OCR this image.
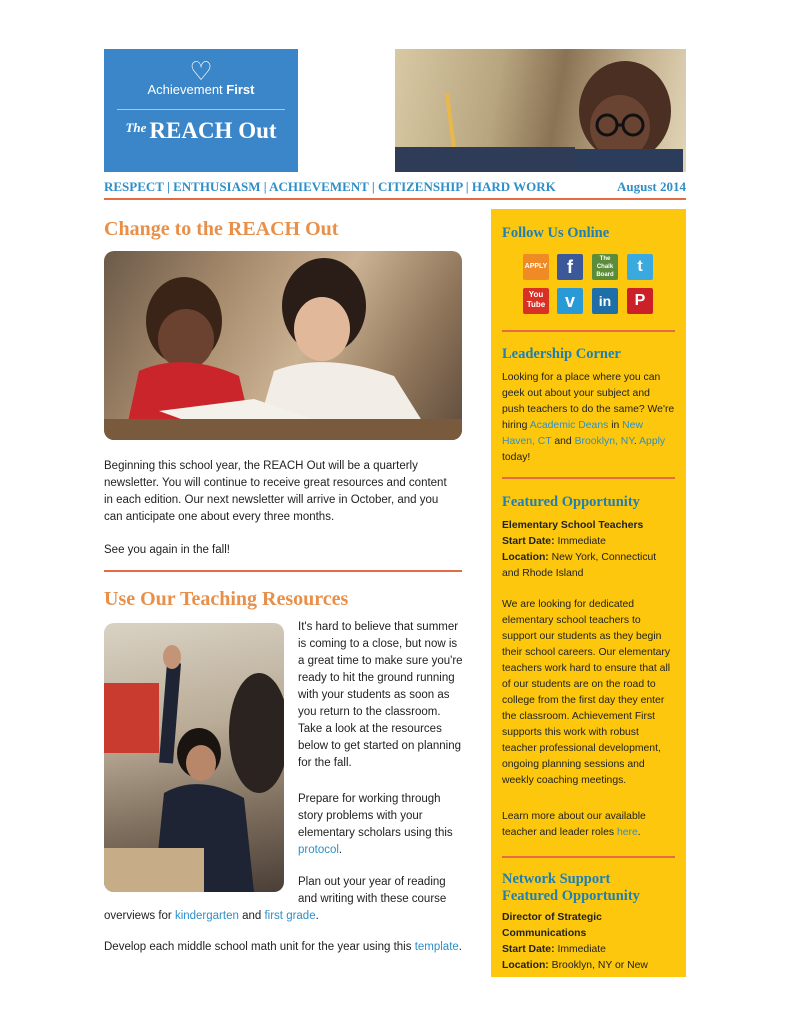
♡
Achievement First
$^{The}$ REACH Out
RESPECT | ENTHUSIASM | ACHIEVEMENT | CITIZENSHIP | HARD WORK	August 2014
Change to the REACH Out
Beginning this school year, the REACH Out will be a quarterly newsletter. You will continue to receive great resources and content in each edition. Our next newsletter will arrive in October, and you can anticipate one about every three months.
See you again in the fall!
Use Our Teaching Resources
It's hard to believe that summer is coming to a close, but now is a great time to make sure you're ready to hit the ground running with your students as soon as you return to the classroom. Take a look at the resources below to get started on planning for the fall.
Prepare for working through story problems with your elementary scholars using this protocol.
Plan out your year of reading and writing with these course
overviews for kindergarten and first grade.
Develop each middle school math unit for the year using this template.
Follow Us Online
APPLY	f	The Chalk Board	t
You Tube	v	in	P
Leadership Corner
Looking for a place where you can geek out about your subject and push teachers to do the same? We're hiring Academic Deans in New Haven, CT and Brooklyn, NY. Apply today!
Featured Opportunity
Elementary School Teachers
Start Date: Immediate
Location: New York, Connecticut and Rhode Island
We are looking for dedicated elementary school teachers to support our students as they begin their school careers. Our elementary teachers work hard to ensure that all of our students are on the road to college from the first day they enter the classroom. Achievement First supports this work with robust teacher professional development, ongoing planning sessions and weekly coaching meetings.
Learn more about our available teacher and leader roles here.
Network Support
Featured Opportunity
Director of Strategic Communications
Start Date: Immediate
Location: Brooklyn, NY or New
